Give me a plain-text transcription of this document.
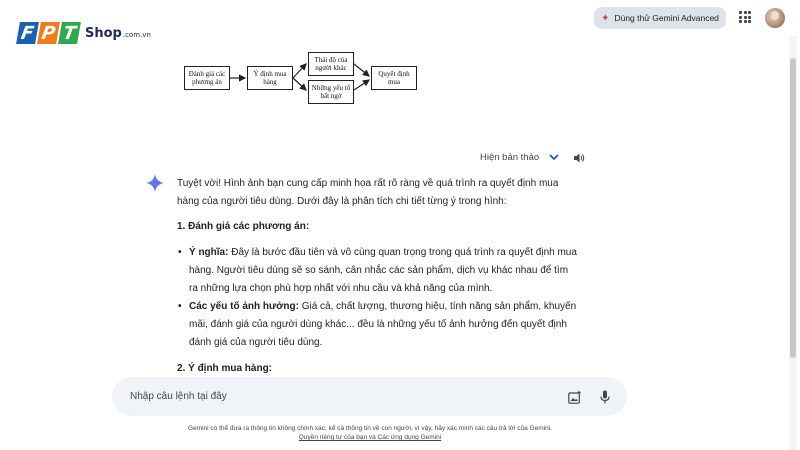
F P T Shop .com.vn
✦ Dùng thử Gemini Advanced
Đánh giá các phương án
Ý định mua hàng
Thái độ của người khác
Những yếu tố bất ngờ
Quyết định mua
Hiện bản thảo

Tuyệt vời! Hình ảnh bạn cung cấp minh họa rất rõ ràng về quá trình ra quyết định mua hàng của người tiêu dùng. Dưới đây là phân tích chi tiết từng ý trong hình:

1. Đánh giá các phương án:
• Ý nghĩa: Đây là bước đầu tiên và vô cùng quan trọng trong quá trình ra quyết định mua hàng. Người tiêu dùng sẽ so sánh, cân nhắc các sản phẩm, dịch vụ khác nhau để tìm ra những lựa chọn phù hợp nhất với nhu cầu và khả năng của mình.
• Các yếu tố ảnh hưởng: Giá cả, chất lượng, thương hiệu, tính năng sản phẩm, khuyến mãi, đánh giá của người dùng khác... đều là những yếu tố ảnh hưởng đến quyết định đánh giá của người tiêu dùng.
2. Ý định mua hàng:
Nhập câu lệnh tại đây
Gemini có thể đưa ra thông tin không chính xác, kể cả thông tin về con người, vì vậy, hãy xác minh các câu trả lời của Gemini.
Quyền riêng tư của bạn và Các ứng dụng Gemini
